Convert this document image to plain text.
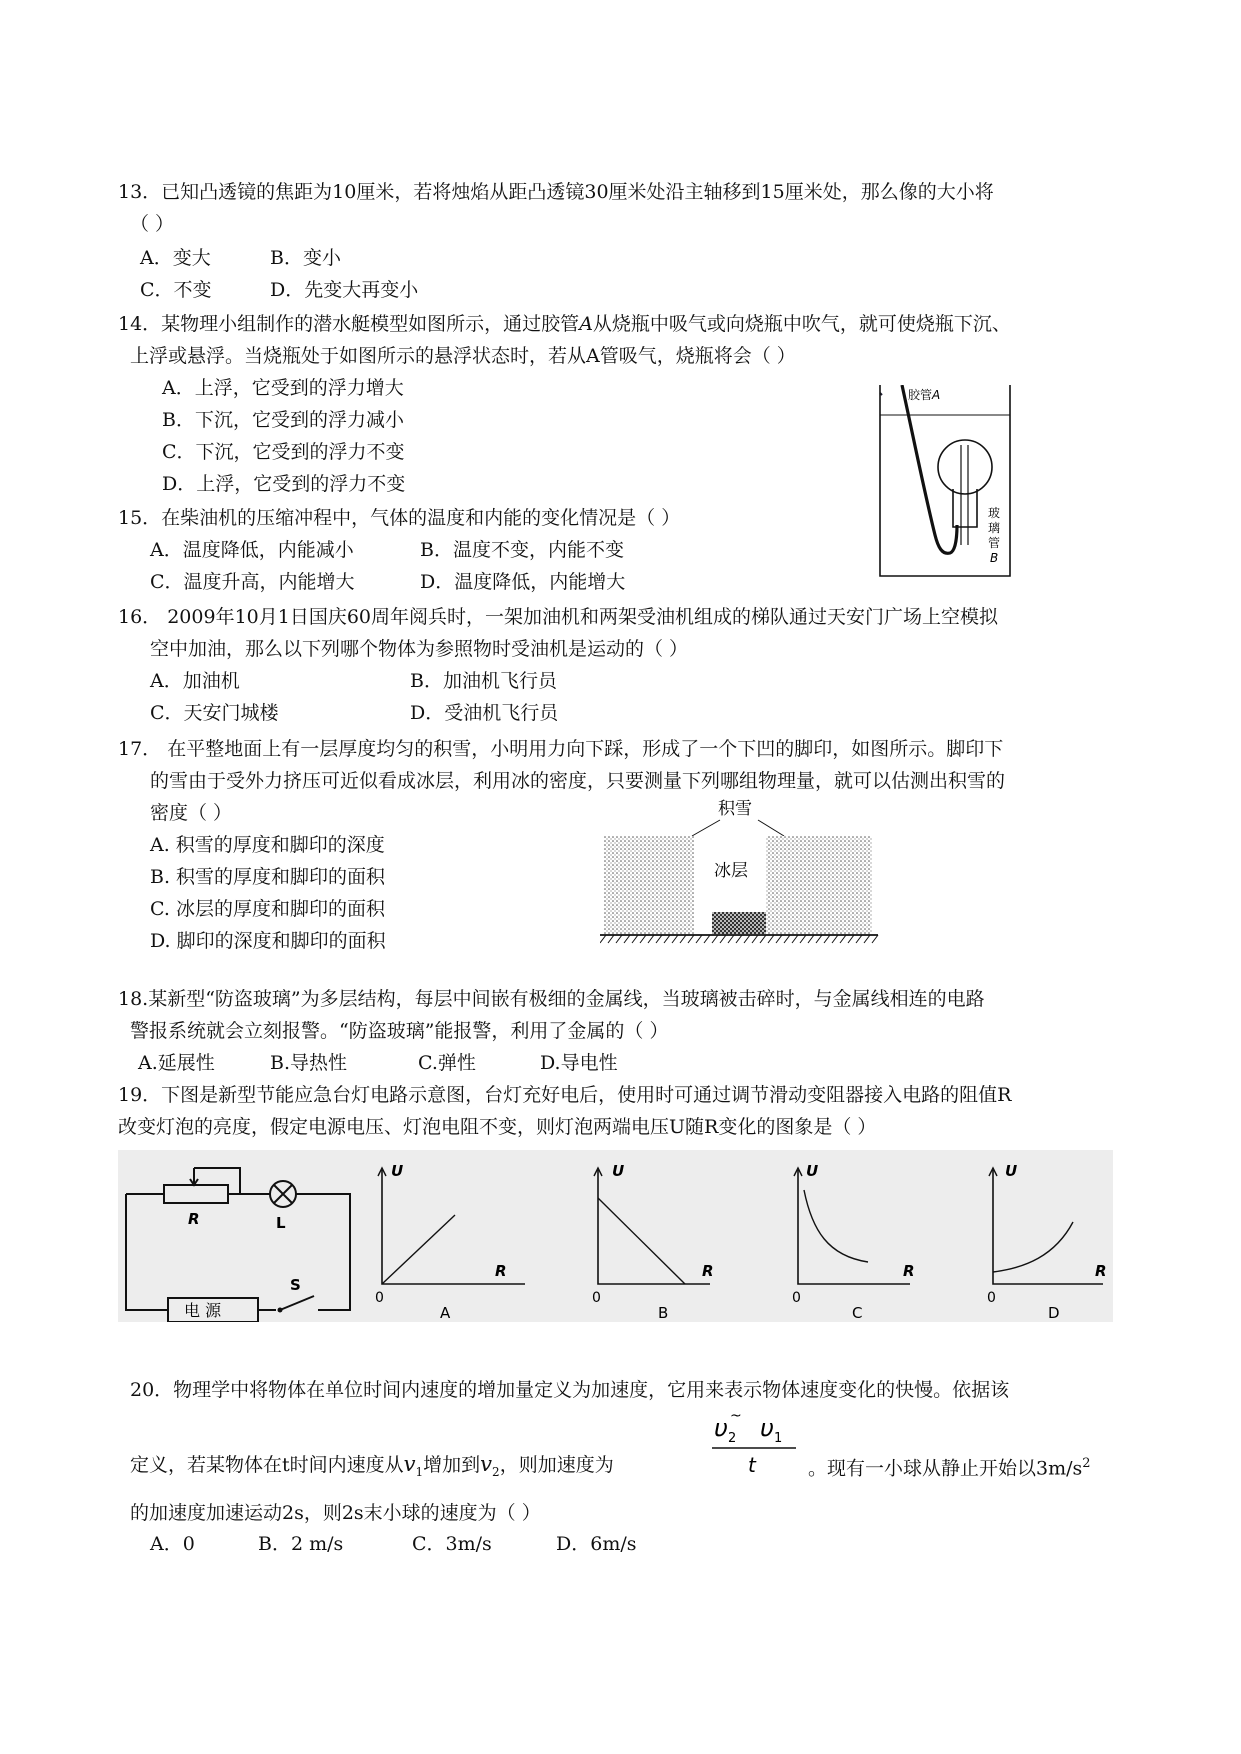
13．已知凸透镜的焦距为10厘米，若将烛焰从距凸透镜30厘米处沿主轴移到15厘米处，那么像的大小将
（ ）
A．变大	B．变小
C．不变	D．先变大再变小
14．某物理小组制作的潜水艇模型如图所示，通过胶管A从烧瓶中吸气或向烧瓶中吹气，就可使烧瓶下沉、
上浮或悬浮。当烧瓶处于如图所示的悬浮状态时，若从A管吸气，烧瓶将会（ ）
A．上浮，它受到的浮力增大
B．下沉，它受到的浮力减小
C．下沉，它受到的浮力不变
D．上浮，它受到的浮力不变
胶管A
玻
璃
管
B
15．在柴油机的压缩冲程中，气体的温度和内能的变化情况是（ ）
A．温度降低，内能减小	B．温度不变，内能不变
C．温度升高，内能增大	D．温度降低，内能增大
16． 2009年10月1日国庆60周年阅兵时，一架加油机和两架受油机组成的梯队通过天安门广场上空模拟
空中加油，那么以下列哪个物体为参照物时受油机是运动的（ ）
A．加油机	B．加油机飞行员
C．天安门城楼	D．受油机飞行员
17． 在平整地面上有一层厚度均匀的积雪，小明用力向下踩，形成了一个下凹的脚印，如图所示。脚印下
的雪由于受外力挤压可近似看成冰层，利用冰的密度，只要测量下列哪组物理量，就可以估测出积雪的
密度（ ）
A. 积雪的厚度和脚印的深度
B. 积雪的厚度和脚印的面积
C. 冰层的厚度和脚印的面积
D. 脚印的深度和脚印的面积
积雪
冰层
18.某新型“防盗玻璃”为多层结构，每层中间嵌有极细的金属线，当玻璃被击碎时，与金属线相连的电路
警报系统就会立刻报警。“防盗玻璃”能报警，利用了金属的（ ）
A.延展性	B.导热性	C.弹性	D.导电性
19．下图是新型节能应急台灯电路示意图，台灯充好电后，使用时可通过调节滑动变阻器接入电路的阻值R
改变灯泡的亮度，假定电源电压、灯泡电阻不变，则灯泡两端电压U随R变化的图象是（ ）
R	L
S
电 源
U
R
0
A
U
R
0
B
U
R
0
C
U
R
0
D
20．物理学中将物体在单位时间内速度的增加量定义为加速度，它用来表示物体速度变化的快慢。依据该
υ 2
~ υ 1
t
定义，若某物体在t时间内速度从$v_1$增加到$v_2$，则加速度为	。现有一小球从静止开始以$3m/s^2$
的加速度加速运动2s，则2s末小球的速度为（ ）
A．0	B．2 m/s	C．3m/s	D．6m/s
